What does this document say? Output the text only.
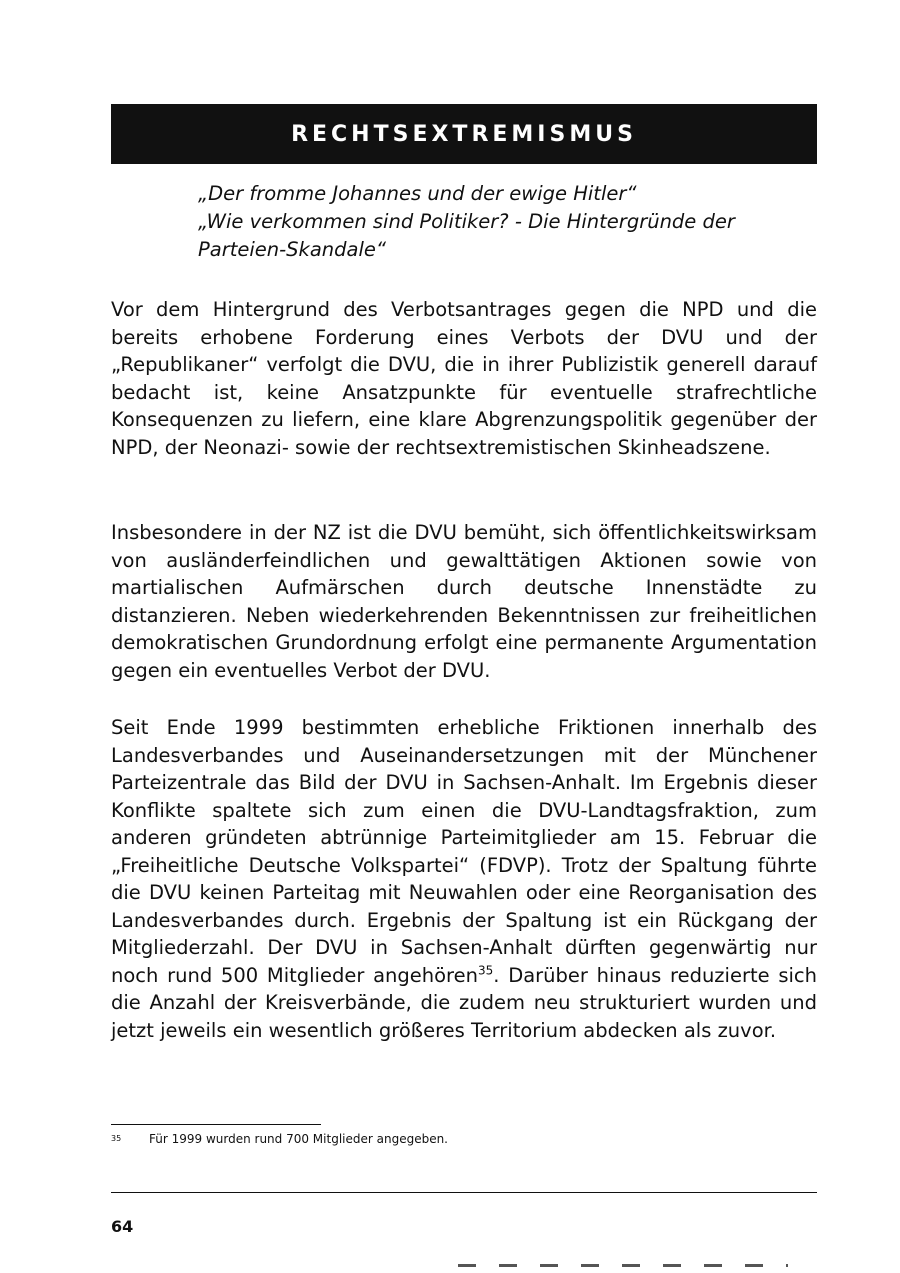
RECHTSEXTREMISMUS

„Der fromme Johannes und der ewige Hitler“

„Wie verkommen sind Politiker? - Die Hintergründe der Parteien-Skandale“

Vor dem Hintergrund des Verbotsantrages gegen die NPD und die bereits erhobene Forderung eines Verbots der DVU und der „Republikaner“ verfolgt die DVU, die in ihrer Publizistik generell darauf bedacht ist, keine Ansatzpunkte für eventuelle strafrechtliche Konsequenzen zu liefern, eine klare Abgrenzungspolitik gegenüber der NPD, der Neonazi- sowie der rechtsextremistischen Skinheadszene.

Insbesondere in der NZ ist die DVU bemüht, sich öffentlichkeitswirksam von ausländerfeindlichen und gewalttätigen Aktionen sowie von martialischen Aufmärschen durch deutsche Innenstädte zu distanzieren. Neben wiederkehrenden Bekenntnissen zur freiheitlichen demokratischen Grundordnung erfolgt eine permanente Argumentation gegen ein eventuelles Verbot der DVU.

Seit Ende 1999 bestimmten erhebliche Friktionen innerhalb des Landesverbandes und Auseinandersetzungen mit der Münchener Parteizentrale das Bild der DVU in Sachsen-Anhalt. Im Ergebnis dieser Konflikte spaltete sich zum einen die DVU-Landtagsfraktion, zum anderen gründeten abtrünnige Parteimitglieder am 15. Februar die „Freiheitliche Deutsche Volkspartei“ (FDVP). Trotz der Spaltung führte die DVU keinen Parteitag mit Neuwahlen oder eine Reorganisation des Landesverbandes durch. Ergebnis der Spaltung ist ein Rückgang der Mitgliederzahl. Der DVU in Sachsen-Anhalt dürften gegenwärtig nur noch rund 500 Mitglieder angehören$^{35}$. Darüber hinaus reduzierte sich die Anzahl der Kreisverbände, die zudem neu strukturiert wurden und jetzt jeweils ein wesentlich größeres Territorium abdecken als zuvor.

35 Für 1999 wurden rund 700 Mitglieder angegeben.
64
